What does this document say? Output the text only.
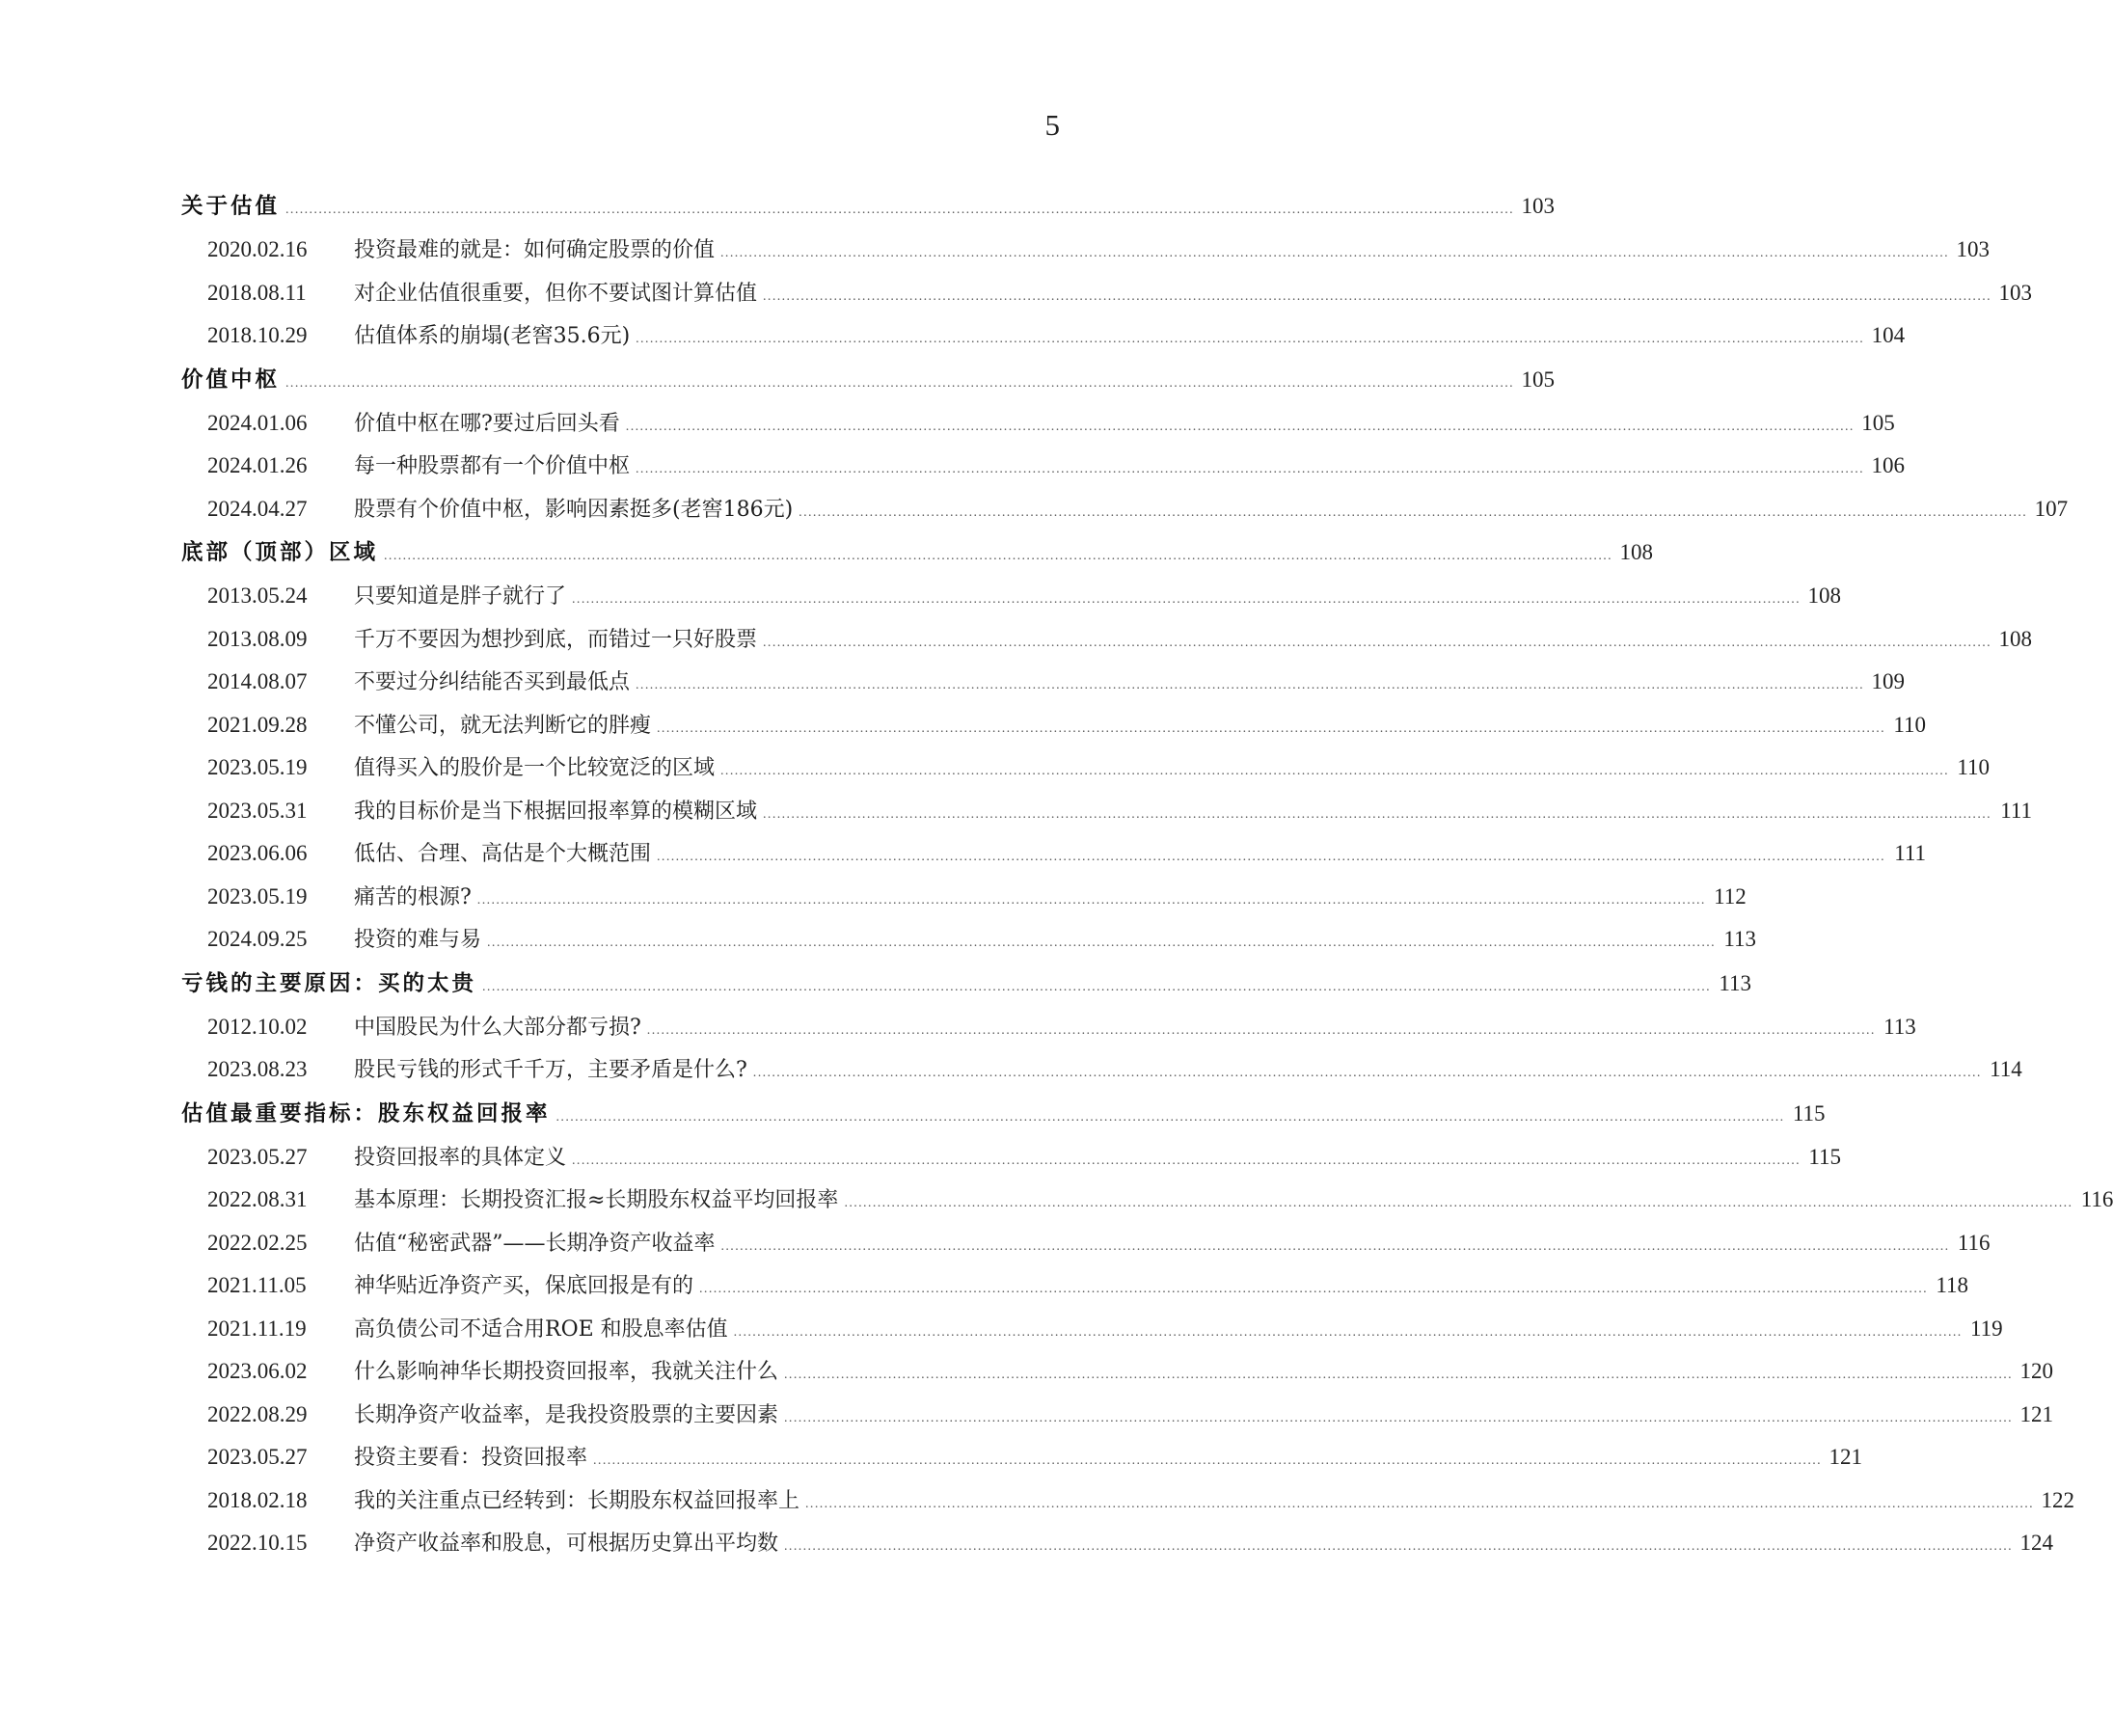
5
关于估值 .................................................................................................................................................................................................................................................................... 103
2020.02.16	投资最难的就是：如何确定股票的价值 .................................................................................................................................................................................................................................................................... 103
2018.08.11	对企业估值很重要，但你不要试图计算估值 .................................................................................................................................................................................................................................................................... 103
2018.10.29	估值体系的崩塌(老窖35.6元) .................................................................................................................................................................................................................................................................... 104
价值中枢 .................................................................................................................................................................................................................................................................... 105
2024.01.06	价值中枢在哪?要过后回头看 .................................................................................................................................................................................................................................................................... 105
2024.01.26	每一种股票都有一个价值中枢 .................................................................................................................................................................................................................................................................... 106
2024.04.27	股票有个价值中枢，影响因素挺多(老窖186元) .................................................................................................................................................................................................................................................................... 107
底部（顶部）区域 .................................................................................................................................................................................................................................................................... 108
2013.05.24	只要知道是胖子就行了 .................................................................................................................................................................................................................................................................... 108
2013.08.09	千万不要因为想抄到底，而错过一只好股票 .................................................................................................................................................................................................................................................................... 108
2014.08.07	不要过分纠结能否买到最低点 .................................................................................................................................................................................................................................................................... 109
2021.09.28	不懂公司，就无法判断它的胖瘦 .................................................................................................................................................................................................................................................................... 110
2023.05.19	值得买入的股价是一个比较宽泛的区域 .................................................................................................................................................................................................................................................................... 110
2023.05.31	我的目标价是当下根据回报率算的模糊区域 .................................................................................................................................................................................................................................................................... 111
2023.06.06	低估、合理、高估是个大概范围 .................................................................................................................................................................................................................................................................... 111
2023.05.19	痛苦的根源? .................................................................................................................................................................................................................................................................... 112
2024.09.25	投资的难与易 .................................................................................................................................................................................................................................................................... 113
亏钱的主要原因：买的太贵 .................................................................................................................................................................................................................................................................... 113
2012.10.02	中国股民为什么大部分都亏损? .................................................................................................................................................................................................................................................................... 113
2023.08.23	股民亏钱的形式千千万，主要矛盾是什么? .................................................................................................................................................................................................................................................................... 114
估值最重要指标：股东权益回报率 .................................................................................................................................................................................................................................................................... 115
2023.05.27	投资回报率的具体定义 .................................................................................................................................................................................................................................................................... 115
2022.08.31	基本原理：长期投资汇报≈长期股东权益平均回报率 .................................................................................................................................................................................................................................................................... 116
2022.02.25	估值“秘密武器”——长期净资产收益率 .................................................................................................................................................................................................................................................................... 116
2021.11.05	神华贴近净资产买，保底回报是有的 .................................................................................................................................................................................................................................................................... 118
2021.11.19	高负债公司不适合用ROE 和股息率估值 .................................................................................................................................................................................................................................................................... 119
2023.06.02	什么影响神华长期投资回报率，我就关注什么 .................................................................................................................................................................................................................................................................... 120
2022.08.29	长期净资产收益率，是我投资股票的主要因素 .................................................................................................................................................................................................................................................................... 121
2023.05.27	投资主要看：投资回报率 .................................................................................................................................................................................................................................................................... 121
2018.02.18	我的关注重点已经转到：长期股东权益回报率上 .................................................................................................................................................................................................................................................................... 122
2022.10.15	净资产收益率和股息，可根据历史算出平均数 .................................................................................................................................................................................................................................................................... 124
